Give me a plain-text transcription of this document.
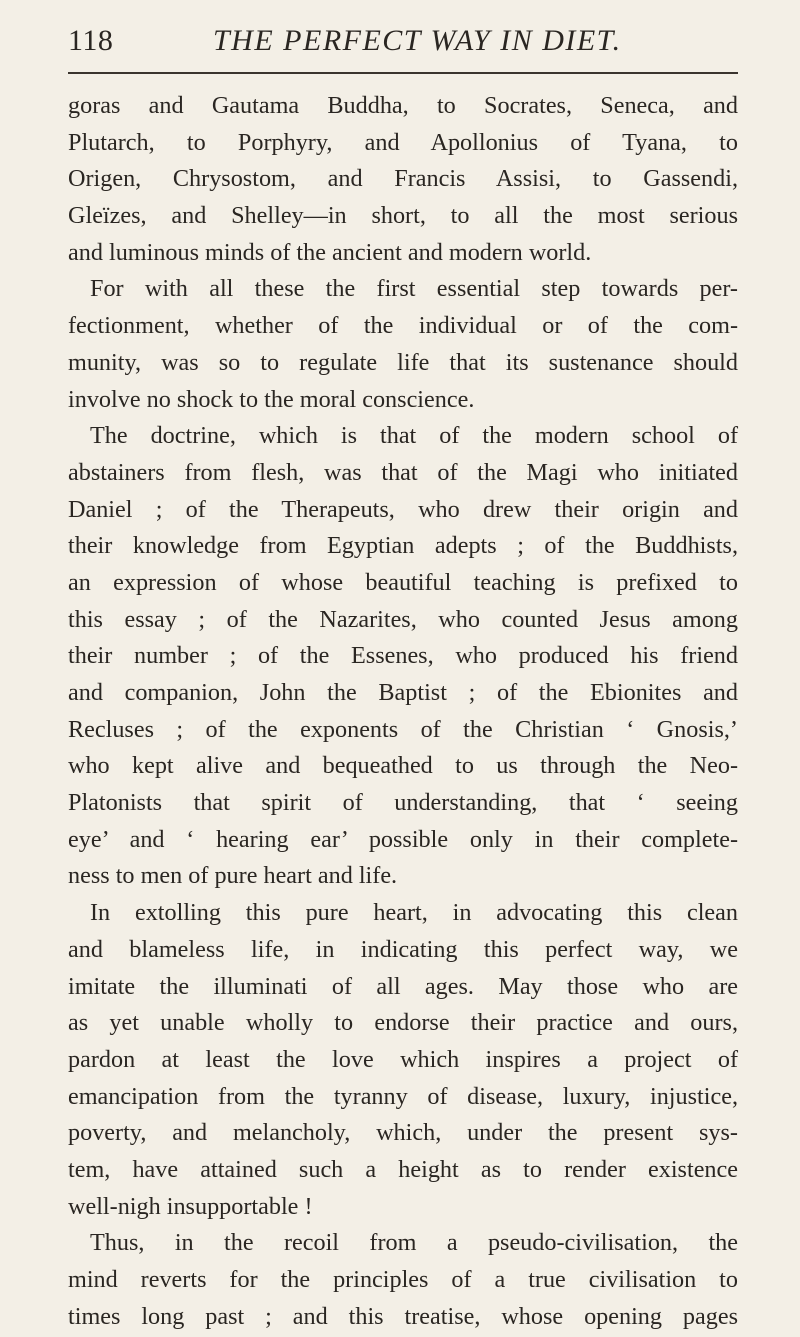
118	THE PERFECT WAY IN DIET.
goras and Gautama Buddha, to Socrates, Seneca, and
Plutarch, to Porphyry, and Apollonius of Tyana, to
Origen, Chrysostom, and Francis Assisi, to Gassendi,
Gleïzes, and Shelley—in short, to all the most serious
and luminous minds of the ancient and modern world.
For with all these the first essential step towards per-
fectionment, whether of the individual or of the com-
munity, was so to regulate life that its sustenance should
involve no shock to the moral conscience.
The doctrine, which is that of the modern school of
abstainers from flesh, was that of the Magi who initiated
Daniel ; of the Therapeuts, who drew their origin and
their knowledge from Egyptian adepts ; of the Buddhists,
an expression of whose beautiful teaching is prefixed to
this essay ; of the Nazarites, who counted Jesus among
their number ; of the Essenes, who produced his friend
and companion, John the Baptist ; of the Ebionites and
Recluses ; of the exponents of the Christian ‘ Gnosis,’
who kept alive and bequeathed to us through the Neo-
Platonists that spirit of understanding, that ‘ seeing
eye’ and ‘ hearing ear’ possible only in their complete-
ness to men of pure heart and life.
In extolling this pure heart, in advocating this clean
and blameless life, in indicating this perfect way, we
imitate the illuminati of all ages. May those who are
as yet unable wholly to endorse their practice and ours,
pardon at least the love which inspires a project of
emancipation from the tyranny of disease, luxury, injustice,
poverty, and melancholy, which, under the present sys-
tem, have attained such a height as to render existence
well-nigh insupportable !
Thus, in the recoil from a pseudo-civilisation, the
mind reverts for the principles of a true civilisation to
times long past ; and this treatise, whose opening pages
